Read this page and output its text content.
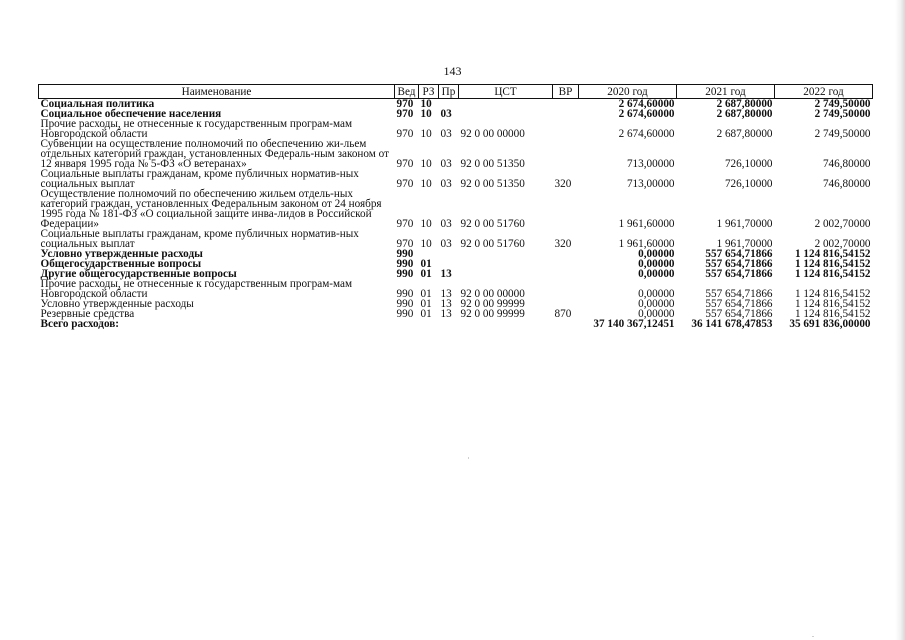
143
Наименование	Вед	РЗ	Пр	ЦСТ	ВР	2020 год	2021 год	2022 год
Социальная политика	970	10				2 674,60000	2 687,80000	2 749,50000
Социальное обеспечение населения	970	10	03			2 674,60000	2 687,80000	2 749,50000
Прочие расходы, не отнесенные к государственным програм-мам Новгородской области	970	10	03	92 0 00 00000		2 674,60000	2 687,80000	2 749,50000
Субвенции на осуществление полномочий по обеспечению жи-льем отдельных категорий граждан, установленных Федераль-ным законом от 12 января 1995 года № 5-ФЗ «О ветеранах»	970	10	03	92 0 00 51350		713,00000	726,10000	746,80000
Социальные выплаты гражданам, кроме публичных норматив-ных социальных выплат	970	10	03	92 0 00 51350	320	713,00000	726,10000	746,80000
Осуществление полномочий по обеспечению жильем отдель-ных категорий граждан, установленных Федеральным законом от 24 ноября 1995 года № 181-ФЗ «О социальной защите инва-лидов в Российской Федерации»	970	10	03	92 0 00 51760		1 961,60000	1 961,70000	2 002,70000
Социальные выплаты гражданам, кроме публичных норматив-ных социальных выплат	970	10	03	92 0 00 51760	320	1 961,60000	1 961,70000	2 002,70000
Условно утвержденные расходы	990					0,00000	557 654,71866	1 124 816,54152
Общегосударственные вопросы	990	01				0,00000	557 654,71866	1 124 816,54152
Другие общегосударственные вопросы	990	01	13			0,00000	557 654,71866	1 124 816,54152
Прочие расходы, не отнесенные к государственным програм-мам Новгородской области	990	01	13	92 0 00 00000		0,00000	557 654,71866	1 124 816,54152
Условно утвержденные расходы	990	01	13	92 0 00 99999		0,00000	557 654,71866	1 124 816,54152
Резервные средства	990	01	13	92 0 00 99999	870	0,00000	557 654,71866	1 124 816,54152
Всего расходов:						37 140 367,12451	36 141 678,47853	35 691 836,00000
